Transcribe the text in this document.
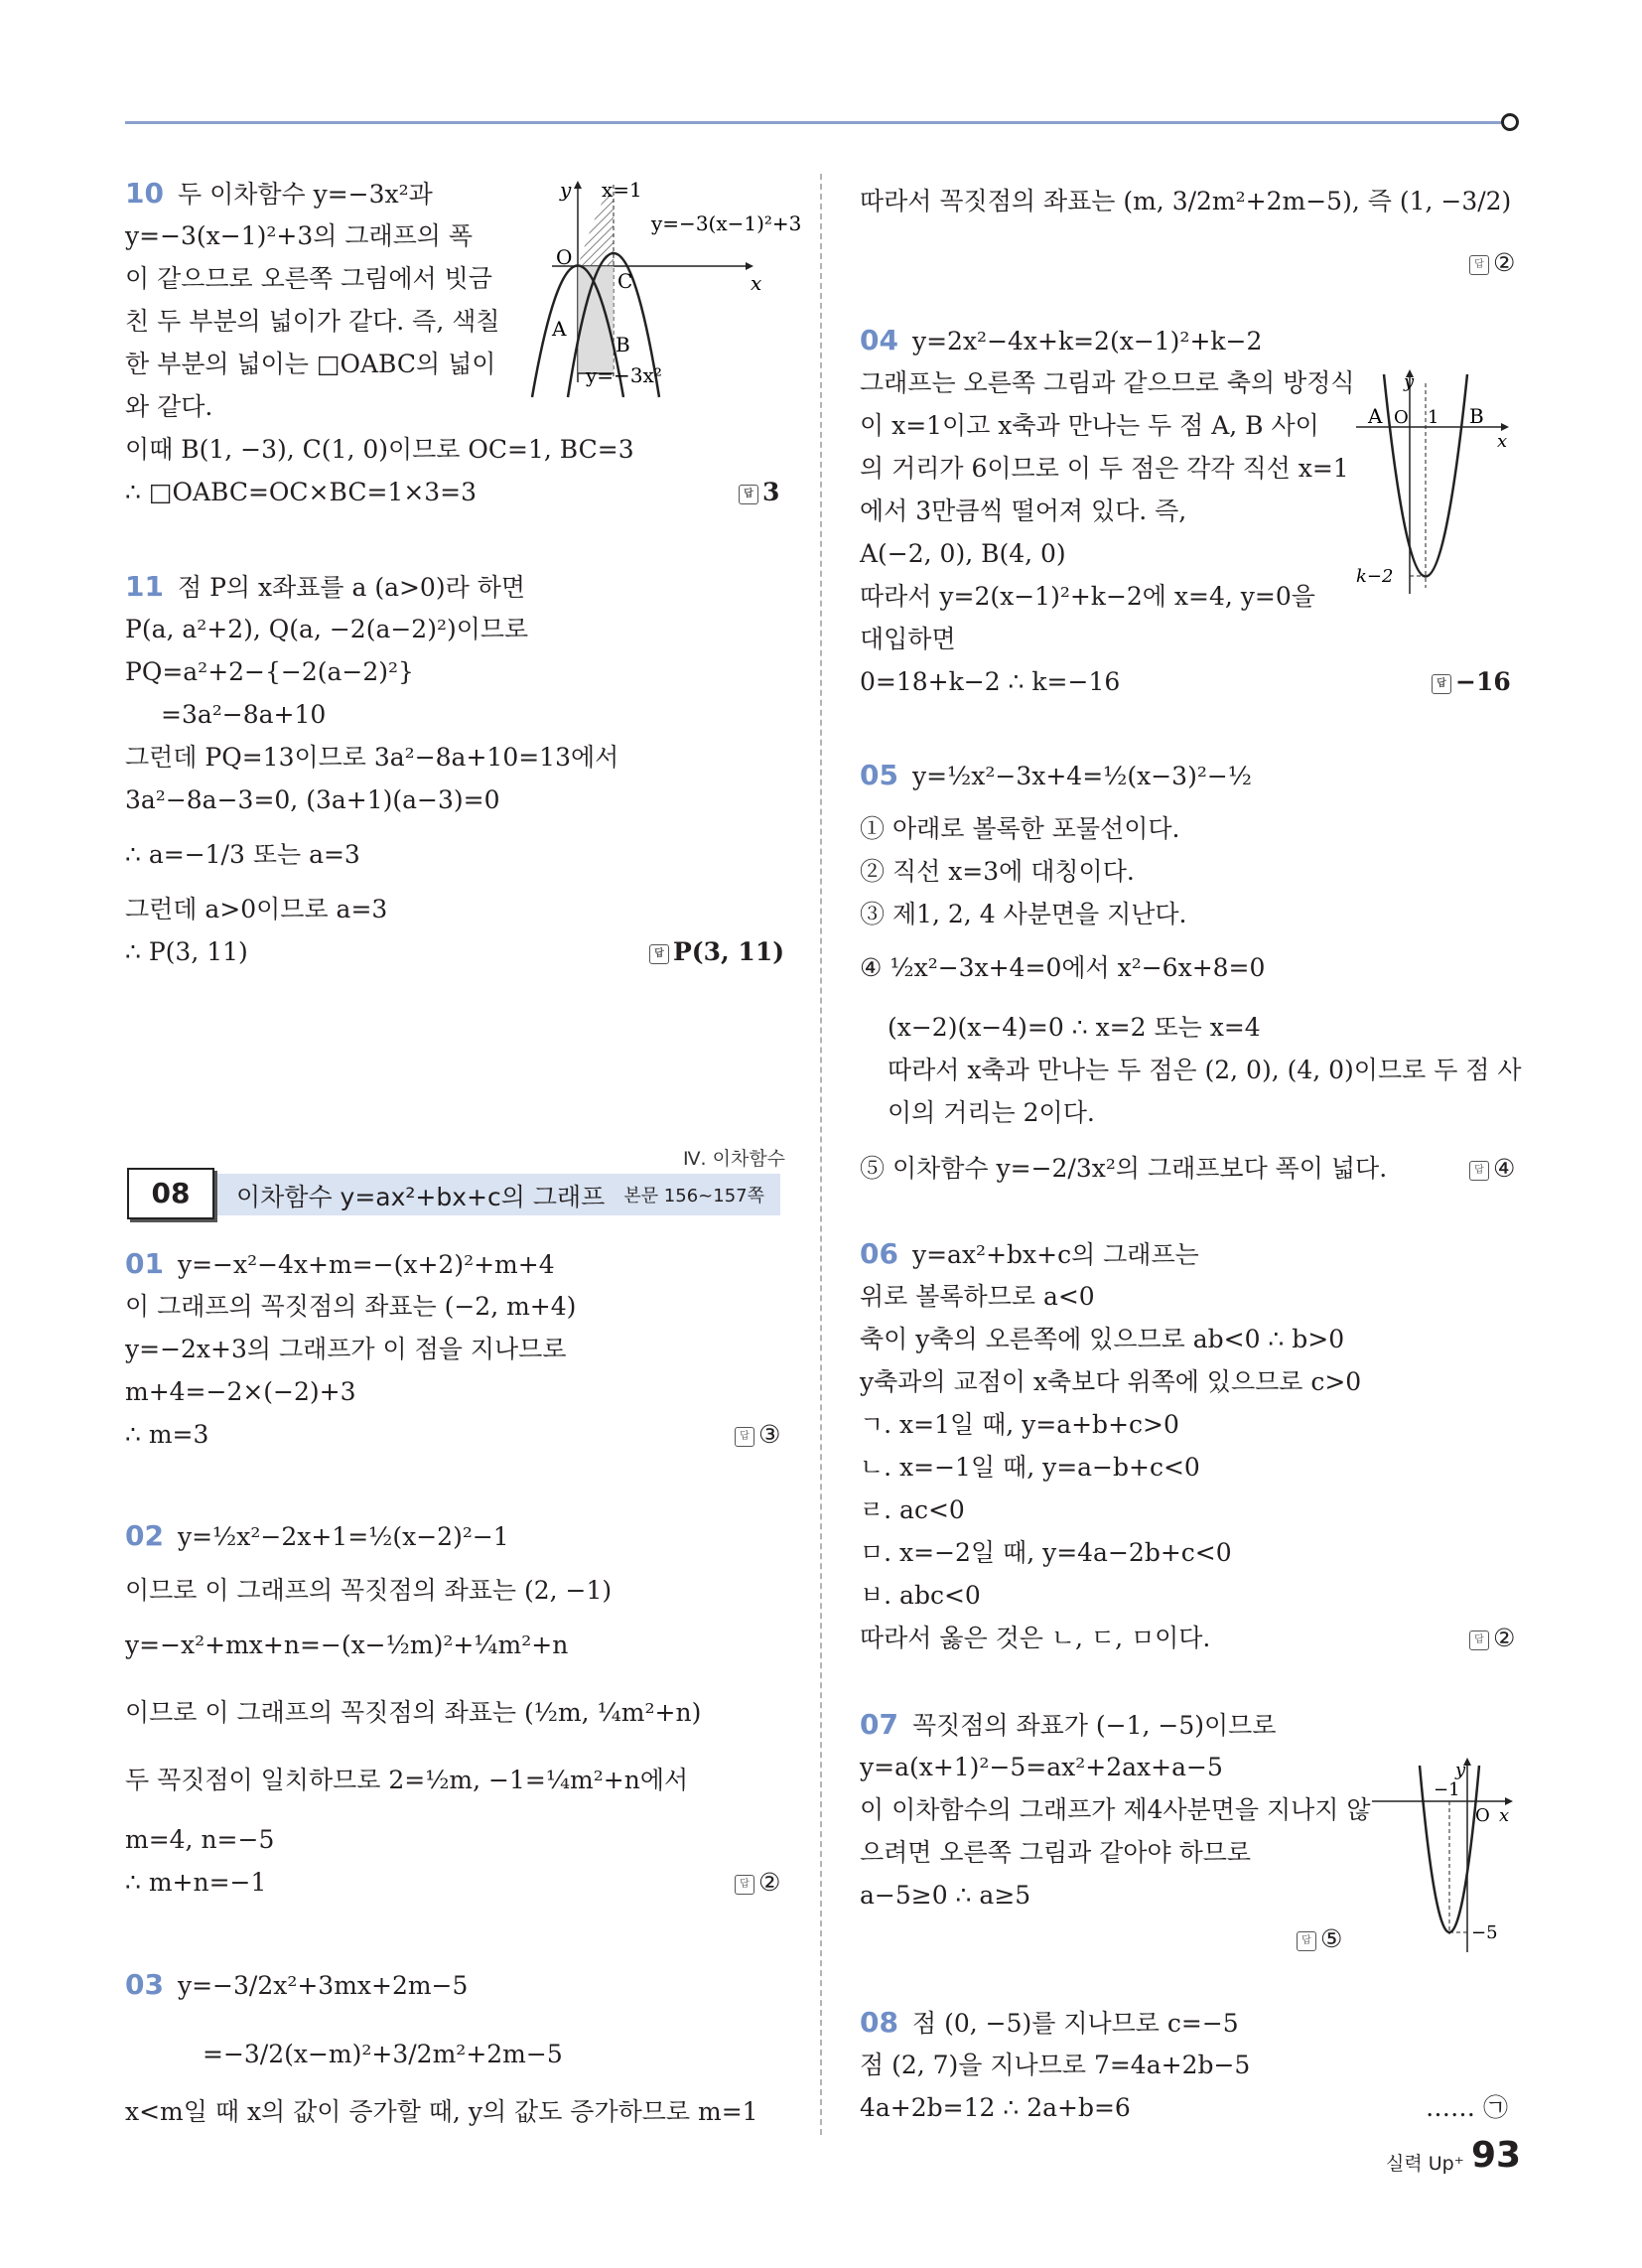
10 두 이차함수 y=−3x²과
y=−3(x−1)²+3의 그래프의 폭
이 같으므로 오른쪽 그림에서 빗금
친 두 부분의 넓이가 같다. 즉, 색칠
한 부분의 넓이는 □OABC의 넓이
와 같다.
이때 B(1, −3), C(1, 0)이므로 OC=1, BC=3
∴ □OABC=OC×BC=1×3=3	답 3
y x=1
y=−3(x−1)²+3
O
C	x
A
B
y=−3x²
11 점 P의 x좌표를 a (a>0)라 하면
P(a, a²+2), Q(a, −2(a−2)²)이므로
PQ=a²+2−{−2(a−2)²}
=3a²−8a+10
그런데 PQ=13이므로 3a²−8a+10=13에서
3a²−8a−3=0, (3a+1)(a−3)=0
∴ a=−1/3 또는 a=3
그런데 a>0이므로 a=3
∴ P(3, 11)	답 P(3, 11)
Ⅳ. 이차함수
08	이차함수 y=ax²+bx+c의 그래프 본문 156~157쪽
01 y=−x²−4x+m=−(x+2)²+m+4
이 그래프의 꼭짓점의 좌표는 (−2, m+4)
y=−2x+3의 그래프가 이 점을 지나므로
m+4=−2×(−2)+3
∴ m=3	답 ③
02 y=½x²−2x+1=½(x−2)²−1
이므로 이 그래프의 꼭짓점의 좌표는 (2, −1)
y=−x²+mx+n=−(x−½m)²+¼m²+n
이므로 이 그래프의 꼭짓점의 좌표는 (½m, ¼m²+n)
두 꼭짓점이 일치하므로 2=½m, −1=¼m²+n에서
m=4, n=−5
∴ m+n=−1	답 ②
03 y=−3/2x²+3mx+2m−5
=−3/2(x−m)²+3/2m²+2m−5
x<m일 때 x의 값이 증가할 때, y의 값도 증가하므로 m=1
따라서 꼭짓점의 좌표는 (m, 3/2m²+2m−5), 즉 (1, −3/2)
답 ②
04 y=2x²−4x+k=2(x−1)²+k−2
그래프는 오른쪽 그림과 같으므로 축의 방정식
이 x=1이고 x축과 만나는 두 점 A, B 사이
의 거리가 6이므로 이 두 점은 각각 직선 x=1
에서 3만큼씩 떨어져 있다. 즉,
A(−2, 0), B(4, 0)
따라서 y=2(x−1)²+k−2에 x=4, y=0을
대입하면
0=18+k−2 ∴ k=−16	답 −16
y
A O 1 B
x
k−2
05 y=½x²−3x+4=½(x−3)²−½
① 아래로 볼록한 포물선이다.
② 직선 x=3에 대칭이다.
③ 제1, 2, 4 사분면을 지난다.
④ ½x²−3x+4=0에서 x²−6x+8=0
(x−2)(x−4)=0 ∴ x=2 또는 x=4
따라서 x축과 만나는 두 점은 (2, 0), (4, 0)이므로 두 점 사
이의 거리는 2이다.
⑤ 이차함수 y=−2/3x²의 그래프보다 폭이 넓다.	답 ④
06 y=ax²+bx+c의 그래프는
위로 볼록하므로 a<0
축이 y축의 오른쪽에 있으므로 ab<0 ∴ b>0
y축과의 교점이 x축보다 위쪽에 있으므로 c>0
ㄱ. x=1일 때, y=a+b+c>0
ㄴ. x=−1일 때, y=a−b+c<0
ㄹ. ac<0
ㅁ. x=−2일 때, y=4a−2b+c<0
ㅂ. abc<0
따라서 옳은 것은 ㄴ, ㄷ, ㅁ이다.	답 ②
07 꼭짓점의 좌표가 (−1, −5)이므로
y=a(x+1)²−5=ax²+2ax+a−5
이 이차함수의 그래프가 제4사분면을 지나지 않
으려면 오른쪽 그림과 같아야 하므로
a−5≥0 ∴ a≥5
답 ⑤
y
−1
O x
−5
08 점 (0, −5)를 지나므로 c=−5
점 (2, 7)을 지나므로 7=4a+2b−5
4a+2b=12 ∴ 2a+b=6	…… ㉠
실력 Up⁺ 93
